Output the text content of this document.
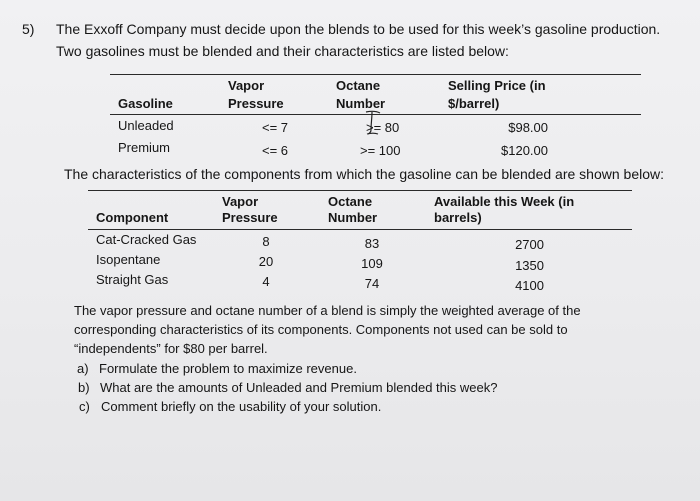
5) The Exxoff Company must decide upon the blends to be used for this week’s gasoline production.
Two gasolines must be blended and their characteristics are listed below:
Vapor	Octane	Selling Price (in
Gasoline	Pressure	Number	$/barrel)
Unleaded	<= 7	>= 80	$98.00
Premium	<= 6	>= 100	$120.00
The characteristics of the components from which the gasoline can be blended are shown below:
Vapor	Octane	Available this Week (in
Component	Pressure	Number	barrels)
Cat-Cracked Gas	8	83	2700
Isopentane	20	109	1350
Straight Gas	4	74	4100
The vapor pressure and octane number of a blend is simply the weighted average of the
corresponding characteristics of its components. Components not used can be sold to
“independents” for $80 per barrel.
a) Formulate the problem to maximize revenue.
b) What are the amounts of Unleaded and Premium blended this week?
c) Comment briefly on the usability of your solution.
